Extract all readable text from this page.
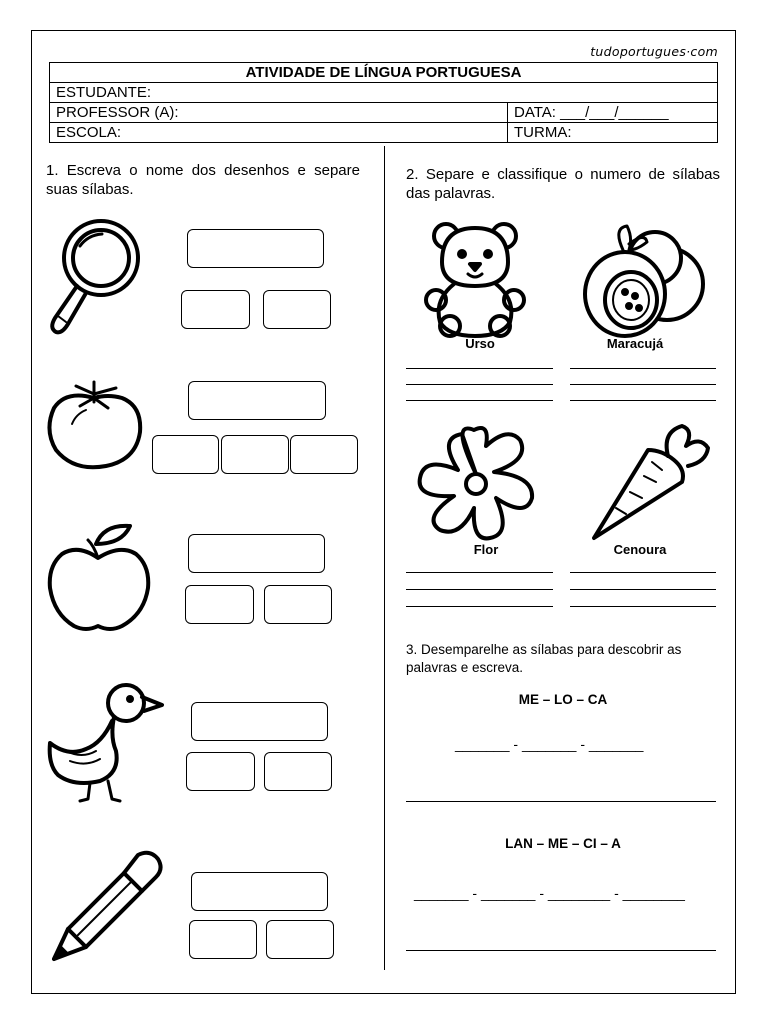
tudoportugues·com
ATIVIDADE DE LÍNGUA PORTUGUESA	
ESTUDANTE:	
PROFESSOR (A):	DATA: ___/___/______
ESCOLA:	TURMA:
1. Escreva o nome dos desenhos e separe suas sílabas.
2. Separe e classifique o numero de sílabas das palavras.
Urso	Maracujá
Flor	Cenoura
3. Desemparelhe as sílabas para descobrir as palavras e escreva.
ME – LO – CA
_______ - _______ - _______
LAN – ME – CI – A
_______ - _______ - ________ - ________
